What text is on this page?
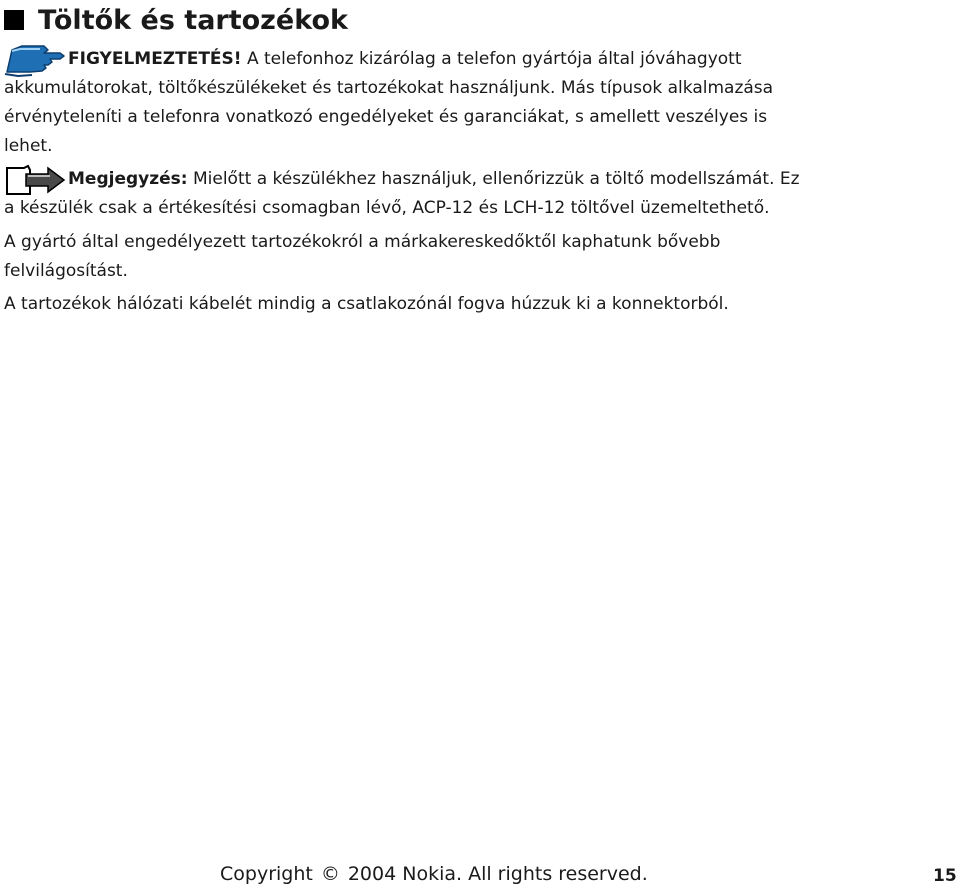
Töltők és tartozékok
FIGYELMEZTETÉS! A telefonhoz kizárólag a telefon gyártója által jóváhagyott
akkumulátorokat, töltőkészülékeket és tartozékokat használjunk. Más típusok alkalmazása érvényteleníti a telefonra vonatkozó engedélyeket és garanciákat, s amellett veszélyes is lehet.
Megjegyzés: Mielőtt a készülékhez használjuk, ellenőrizzük a töltő modellszámát. Ez
a készülék csak a értékesítési csomagban lévő, ACP-12 és LCH-12 töltővel üzemeltethető.
A gyártó által engedélyezett tartozékokról a márkakereskedőktől kaphatunk bővebb felvilágosítást.
A tartozékok hálózati kábelét mindig a csatlakozónál fogva húzzuk ki a konnektorból.
Copyright © 2004 Nokia. All rights reserved.	15
